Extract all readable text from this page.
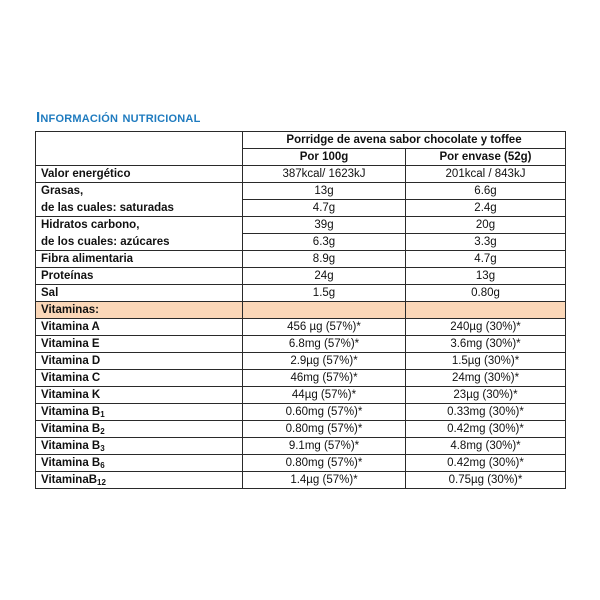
Información nutricional
	Porridge de avena sabor chocolate y toffee	
	Por 100g	Por envase (52g)
Valor energético	387kcal/ 1623kJ	201kcal / 843kJ
Grasas,	13g	6.6g
de las cuales: saturadas	4.7g	2.4g
Hidratos carbono,	39g	20g
de los cuales: azúcares	6.3g	3.3g
Fibra alimentaria	8.9g	4.7g
Proteínas	24g	13g
Sal	1.5g	0.80g
Vitaminas:		
Vitamina A	456 µg (57%)*	240µg (30%)*
Vitamina E	6.8mg (57%)*	3.6mg (30%)*
Vitamina D	2.9µg (57%)*	1.5µg (30%)*
Vitamina C	46mg (57%)*	24mg (30%)*
Vitamina K	44µg (57%)*	23µg (30%)*
Vitamina $B_1$	0.60mg (57%)*	0.33mg (30%)*
Vitamina $B_2$	0.80mg (57%)*	0.42mg (30%)*
Vitamina $B_3$	9.1mg (57%)*	4.8mg (30%)*
Vitamina $B_6$	0.80mg (57%)*	0.42mg (30%)*
VitaminaB$_{12}$	1.4µg (57%)*	0.75µg (30%)*
